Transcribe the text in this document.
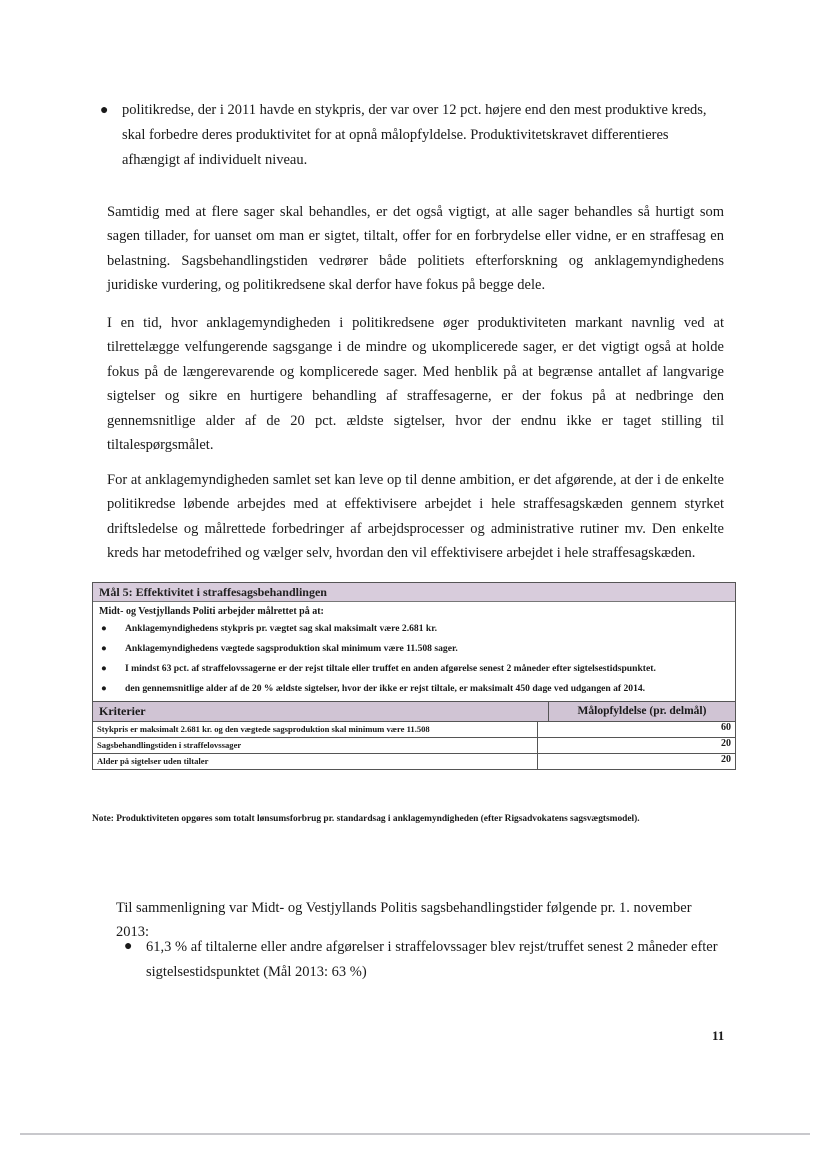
● politikredse, der i 2011 havde en stykpris, der var over 12 pct. højere end den mest produktive kreds, skal forbedre deres produktivitet for at opnå målopfyldelse. Produktivitetskravet differentieres afhængigt af individuelt niveau.

Samtidig med at flere sager skal behandles, er det også vigtigt, at alle sager behandles så hurtigt som sagen tillader, for uanset om man er sigtet, tiltalt, offer for en forbrydelse eller vidne, er en straffesag en belastning. Sagsbehandlingstiden vedrører både politiets efterforskning og anklagemyndighedens juridiske vurdering, og politikredsene skal derfor have fokus på begge dele.

I en tid, hvor anklagemyndigheden i politikredsene øger produktiviteten markant navnlig ved at tilrettelægge velfungerende sagsgange i de mindre og ukomplicerede sager, er det vigtigt også at holde fokus på de længerevarende og komplicerede sager. Med henblik på at begrænse antallet af langvarige sigtelser og sikre en hurtigere behandling af straffesagerne, er der fokus på at nedbringe den gennemsnitlige alder af de 20 pct. ældste sigtelser, hvor der endnu ikke er taget stilling til tiltalespørgsmålet.

For at anklagemyndigheden samlet set kan leve op til denne ambition, er det afgørende, at der i de enkelte politikredse løbende arbejdes med at effektivisere arbejdet i hele straffesagskæden gennem styrket driftsledelse og målrettede forbedringer af arbejdsprocesser og administrative rutiner mv. Den enkelte kreds har metodefrihed og vælger selv, hvordan den vil effektivisere arbejdet i hele straffesagskæden.

Mål 5: Effektivitet i straffesagsbehandlingen
Midt- og Vestjyllands Politi arbejder målrettet på at:
● Anklagemyndighedens stykpris pr. vægtet sag skal maksimalt være 2.681 kr.
● Anklagemyndighedens vægtede sagsproduktion skal minimum være 11.508 sager.
● I mindst 63 pct. af straffelovssagerne er der rejst tiltale eller truffet en anden afgørelse senest 2 måneder efter sigtelsestidspunktet.
● den gennemsnitlige alder af de 20 % ældste sigtelser, hvor der ikke er rejst tiltale, er maksimalt 450 dage ved udgangen af 2014.
Kriterier	Målopfyldelse (pr. delmål)
Stykpris er maksimalt 2.681 kr. og den vægtede sagsproduktion skal minimum være 11.508	60
Sagsbehandlingstiden i straffelovssager	20
Alder på sigtelser uden tiltaler	20
Note: Produktiviteten opgøres som totalt lønsumsforbrug pr. standardsag i anklagemyndigheden (efter Rigsadvokatens sagsvægtsmodel).

Til sammenligning var Midt- og Vestjyllands Politis sagsbehandlingstider følgende pr. 1. november 2013:

● 61,3 % af tiltalerne eller andre afgørelser i straffelovssager blev rejst/truffet senest 2 måneder efter sigtelsestidspunktet (Mål 2013: 63 %)
11
